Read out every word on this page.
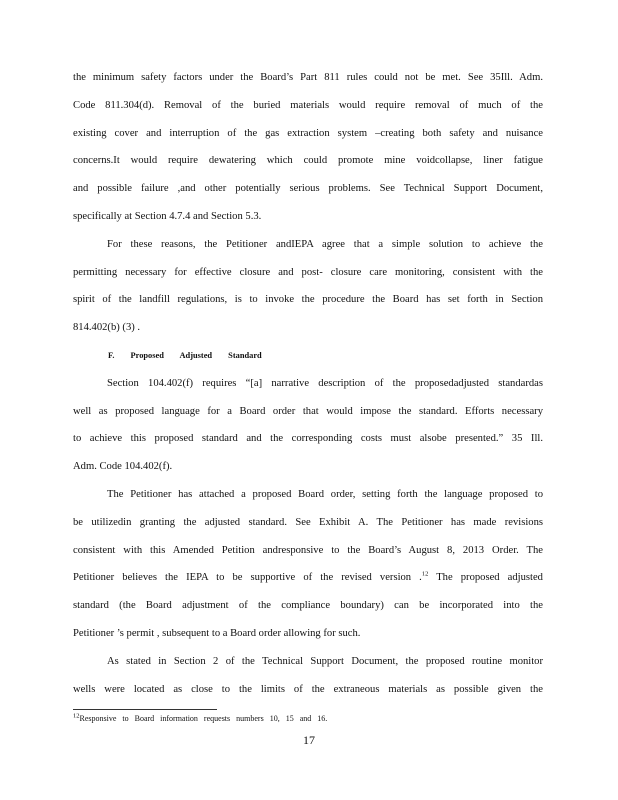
the minimum safety factors under the Board’s Part 811 rules could not be met. See 35Ill. Adm.

Code 811.304(d). Removal of the buried materials would require removal of much of the

existing cover and interruption of the gas extraction system –creating both safety and nuisance

concerns.It would require dewatering which could promote mine voidcollapse, liner fatigue

and possible failure ,and other potentially serious problems. See Technical Support Document,

specifically at Section 4.7.4 and Section 5.3.

For these reasons, the Petitioner andIEPA agree that a simple solution to achieve the

permitting necessary for effective closure and post- closure care monitoring, consistent with the

spirit of the landfill regulations, is to invoke the procedure the Board has set forth in Section

814.402(b) (3) .

F. Proposed Adjusted Standard

Section 104.402(f) requires “[a] narrative description of the proposedadjusted standardas

well as proposed language for a Board order that would impose the standard. Efforts necessary

to achieve this proposed standard and the corresponding costs must alsobe presented.” 35 Ill.

Adm. Code 104.402(f).

The Petitioner has attached a proposed Board order, setting forth the language proposed to

be utilizedin granting the adjusted standard. See Exhibit A. The Petitioner has made revisions

consistent with this Amended Petition andresponsive to the Board’s August 8, 2013 Order. The

Petitioner believes the IEPA to be supportive of the revised version .$^{12}$ The proposed adjusted

standard (the Board adjustment of the compliance boundary) can be incorporated into the

Petitioner ’s permit , subsequent to a Board order allowing for such.

As stated in Section 2 of the Technical Support Document, the proposed routine monitor

wells were located as close to the limits of the extraneous materials as possible given the

$^{12}$Responsive to Board information requests numbers 10, 15 and 16.
17
